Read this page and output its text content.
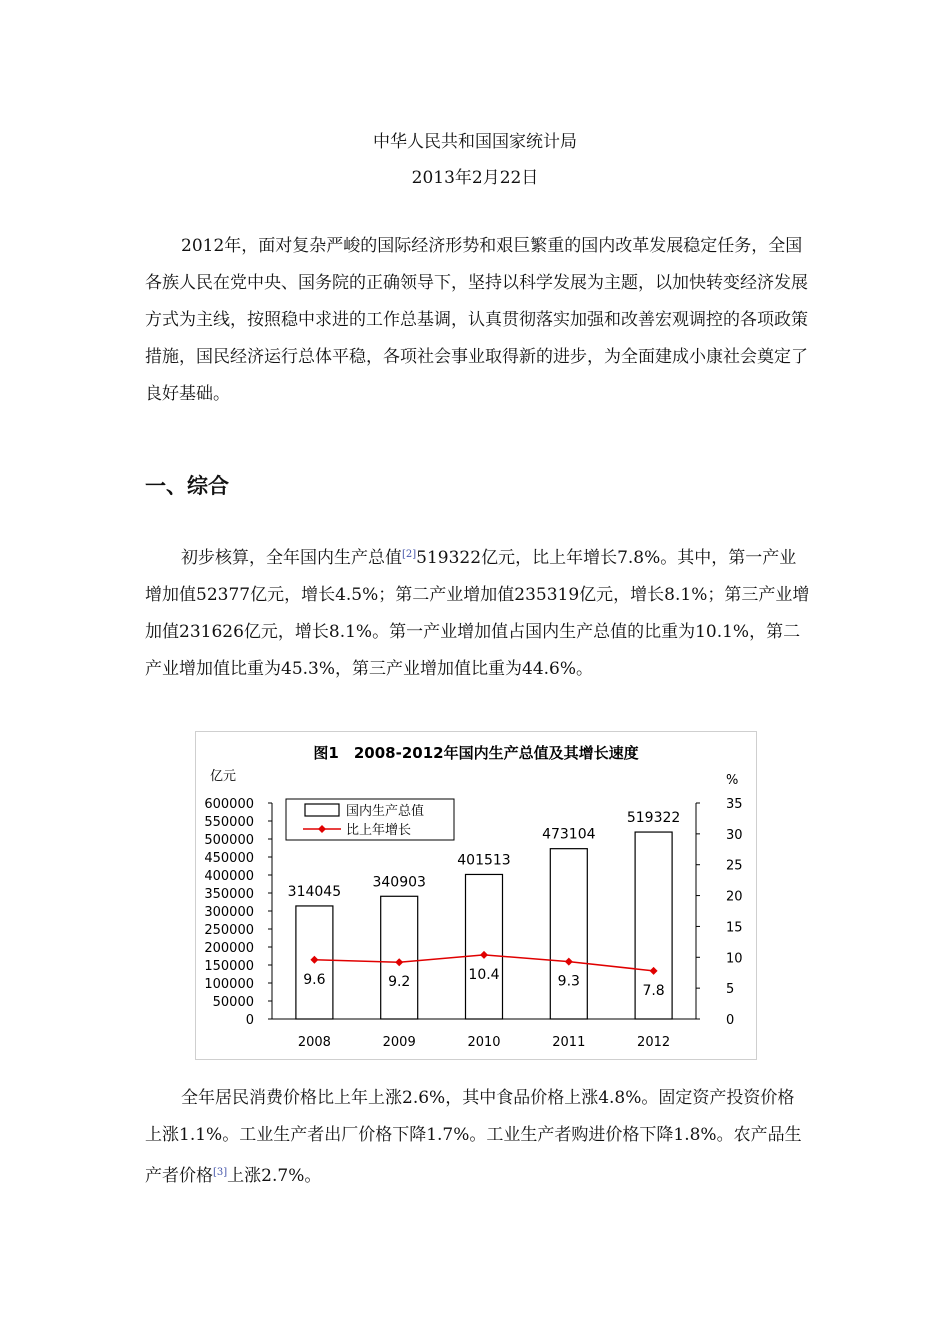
中华人民共和国国家统计局
2013年2月22日

2012年，面对复杂严峻的国际经济形势和艰巨繁重的国内改革发展稳定任务，全国各族人民在党中央、国务院的正确领导下，坚持以科学发展为主题，以加快转变经济发展方式为主线，按照稳中求进的工作总基调，认真贯彻落实加强和改善宏观调控的各项政策措施，国民经济运行总体平稳，各项社会事业取得新的进步，为全面建成小康社会奠定了良好基础。

一、综合

初步核算，全年国内生产总值[2]519322亿元，比上年增长7.8%。其中，第一产业增加值52377亿元，增长4.5%；第二产业增加值235319亿元，增长8.1%；第三产业增加值231626亿元，增长8.1%。第一产业增加值占国内生产总值的比重为10.1%，第二产业增加值比重为45.3%，第三产业增加值比重为44.6%。

图1　2008-2012年国内生产总值及其增长速度
亿元	%
0
50000
100000
150000
200000
250000
300000
350000
400000
450000
500000
550000
600000
0
5
10
15
20
25
30
35
314045
340903
401513
473104
519322
2008	2009	2010	2011	2012
9.6	9.2	10.4	9.3
7.8
国内生产总值
比上年增长

全年居民消费价格比上年上涨2.6%，其中食品价格上涨4.8%。固定资产投资价格上涨1.1%。工业生产者出厂价格下降1.7%。工业生产者购进价格下降1.8%。农产品生产者价格[3]上涨2.7%。
